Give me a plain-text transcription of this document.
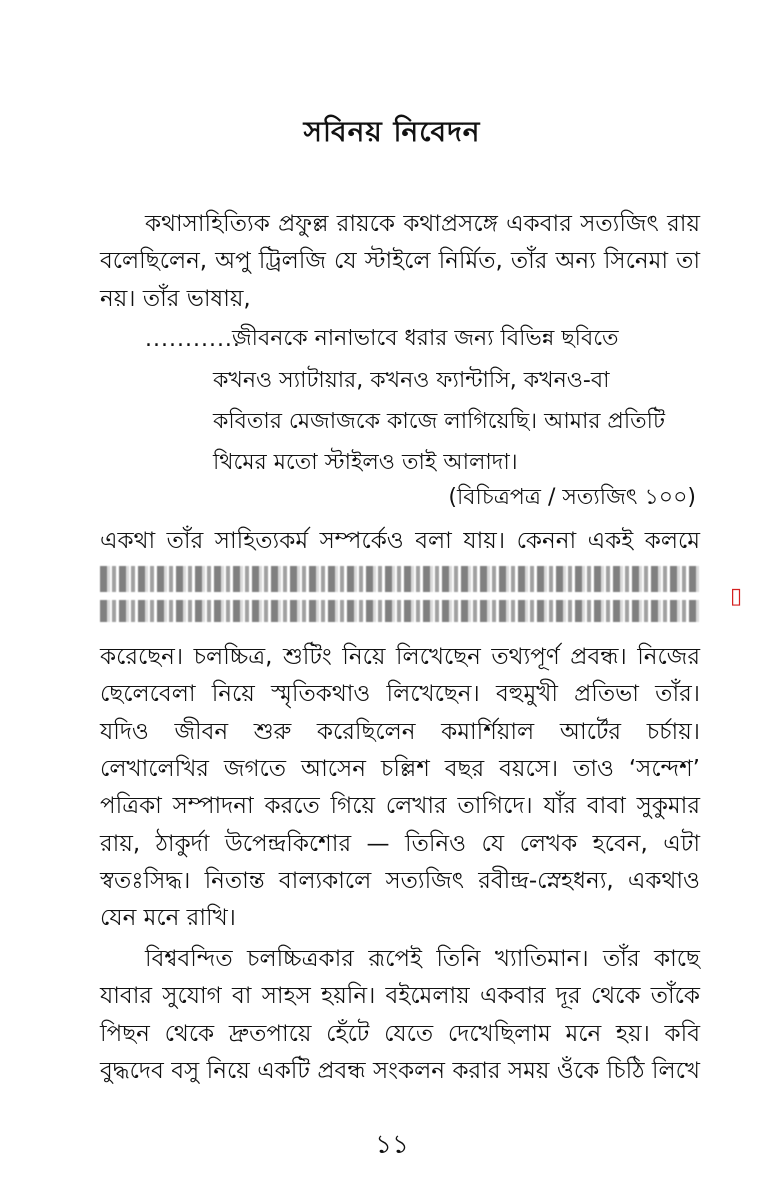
সবিনয় নিবেদন
কথাসাহিত্যিক প্রফুল্ল রায়কে কথাপ্রসঙ্গে একবার সত্যজিৎ রায়
বলেছিলেন, অপু ট্রিলজি যে স্টাইলে নির্মিত, তাঁর অন্য সিনেমা তা
নয়। তাঁর ভাষায়,
............
জীবনকে নানাভাবে ধরার জন্য বিভিন্ন ছবিতে
কখনও স্যাটায়ার, কখনও ফ্যান্টাসি, কখনও-বা
কবিতার মেজাজকে কাজে লাগিয়েছি। আমার প্রতিটি
থিমের মতো স্টাইলও তাই আলাদা।
(বিচিত্রপত্র / সত্যজিৎ ১০০)
একথা তাঁর সাহিত্যকর্ম সম্পর্কেও বলা যায়। কেননা একই কলমে
▯
করেছেন। চলচ্চিত্র, শুটিং নিয়ে লিখেছেন তথ্যপূর্ণ প্রবন্ধ। নিজের
ছেলেবেলা নিয়ে স্মৃতিকথাও লিখেছেন। বহুমুখী প্রতিভা তাঁর।
যদিও জীবন শুরু করেছিলেন কমার্শিয়াল আর্টের চর্চায়।
লেখালেখির জগতে আসেন চল্লিশ বছর বয়সে। তাও ‘সন্দেশ’
পত্রিকা সম্পাদনা করতে গিয়ে লেখার তাগিদে। যাঁর বাবা সুকুমার
রায়, ঠাকুর্দা উপেন্দ্রকিশোর — তিনিও যে লেখক হবেন, এটা
স্বতঃসিদ্ধ। নিতান্ত বাল্যকালে সত্যজিৎ রবীন্দ্র-স্নেহধন্য, একথাও
যেন মনে রাখি।
বিশ্ববন্দিত চলচ্চিত্রকার রূপেই তিনি খ্যাতিমান। তাঁর কাছে
যাবার সুযোগ বা সাহস হয়নি। বইমেলায় একবার দূর থেকে তাঁকে
পিছন থেকে দ্রুতপায়ে হেঁটে যেতে দেখেছিলাম মনে হয়। কবি
বুদ্ধদেব বসু নিয়ে একটি প্রবন্ধ সংকলন করার সময় ওঁকে চিঠি লিখে
১১
